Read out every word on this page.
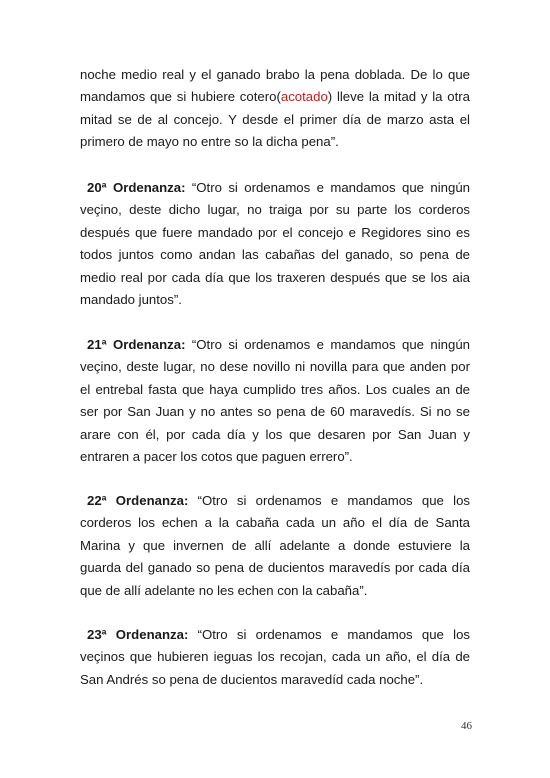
noche medio real y el ganado brabo la pena doblada. De lo que mandamos que si hubiere cotero(acotado) lleve la mitad y la otra mitad se de al concejo. Y desde el primer día de marzo asta el primero de mayo no entre so la dicha pena”.

20ª Ordenanza: “Otro si ordenamos e mandamos que ningún veçino, deste dicho lugar, no traiga por su parte los corderos después que fuere mandado por el concejo e Regidores sino es todos juntos como andan las cabañas del ganado, so pena de medio real por cada día que los traxeren después que se los aia mandado juntos”.

21ª Ordenanza: “Otro si ordenamos e mandamos que ningún veçino, deste lugar, no dese novillo ni novilla para que anden por el entrebal fasta que haya cumplido tres años. Los cuales an de ser por San Juan y no antes so pena de 60 maravedís. Si no se arare con él, por cada día y los que desaren por San Juan y entraren a pacer los cotos que paguen errero”.

22ª Ordenanza: “Otro si ordenamos e mandamos que los corderos los echen a la cabaña cada un año el día de Santa Marina y que invernen de allí adelante a donde estuviere la guarda del ganado so pena de ducientos maravedís por cada día que de allí adelante no les echen con la cabaña”.

23ª Ordenanza: “Otro si ordenamos e mandamos que los veçinos que hubieren ieguas los recojan, cada un año, el día de San Andrés so pena de ducientos maravedíd cada noche”.

46
